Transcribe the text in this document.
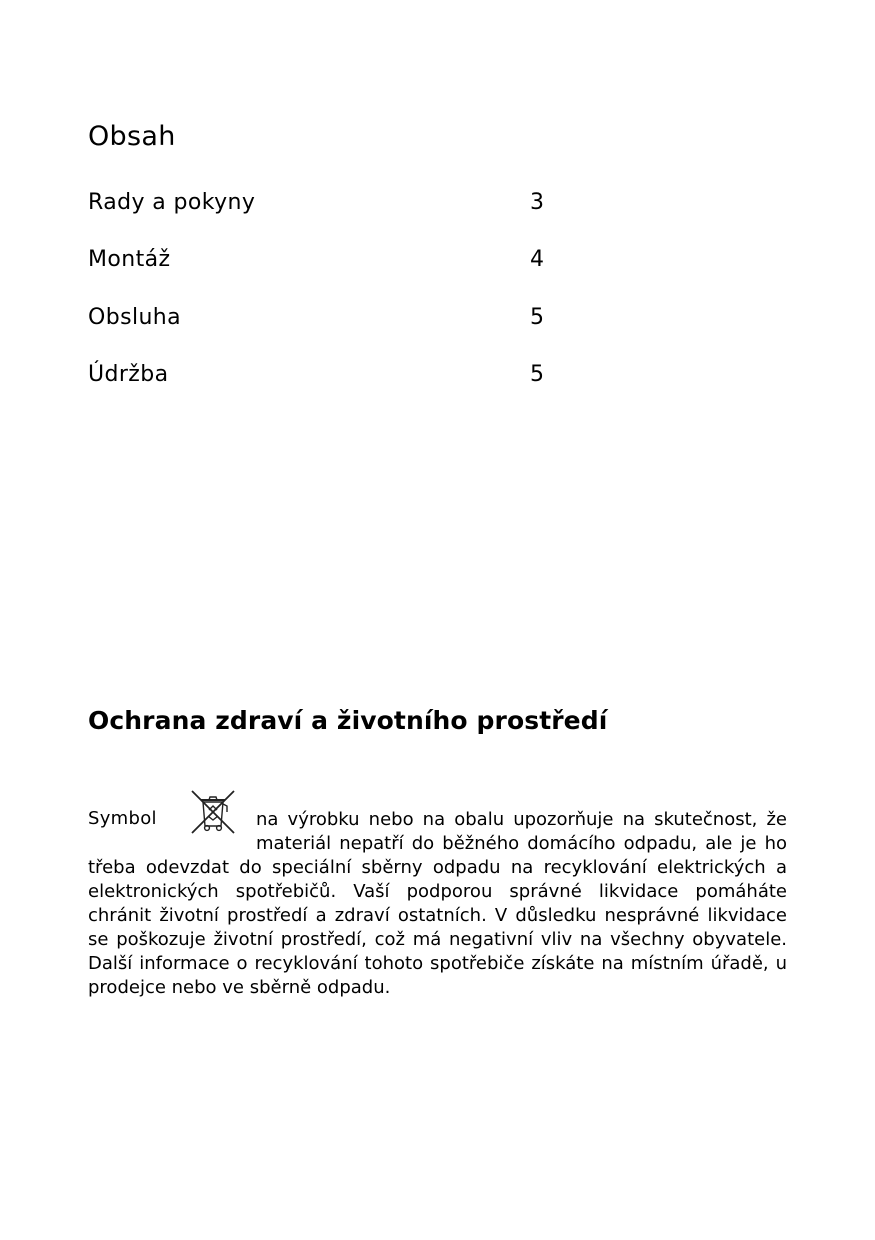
Obsah
Rady a pokyny	3
Montáž	4
Obsluha	5
Údržba	5
Ochrana zdraví a životního prostředí
Symbol	na výrobku nebo na obalu upozorňuje na skutečnost, že
materiál nepatří do běžného domácího odpadu, ale je ho

třeba odevzdat do speciální sběrny odpadu na recyklování elektrických a elektronických spotřebičů. Vaší podporou správné likvidace pomáháte chránit životní prostředí a zdraví ostatních. V důsledku nesprávné likvidace se poškozuje životní prostředí, což má negativní vliv na všechny obyvatele. Další informace o recyklování tohoto spotřebiče získáte na místním úřadě, u prodejce nebo ve sběrně odpadu.
